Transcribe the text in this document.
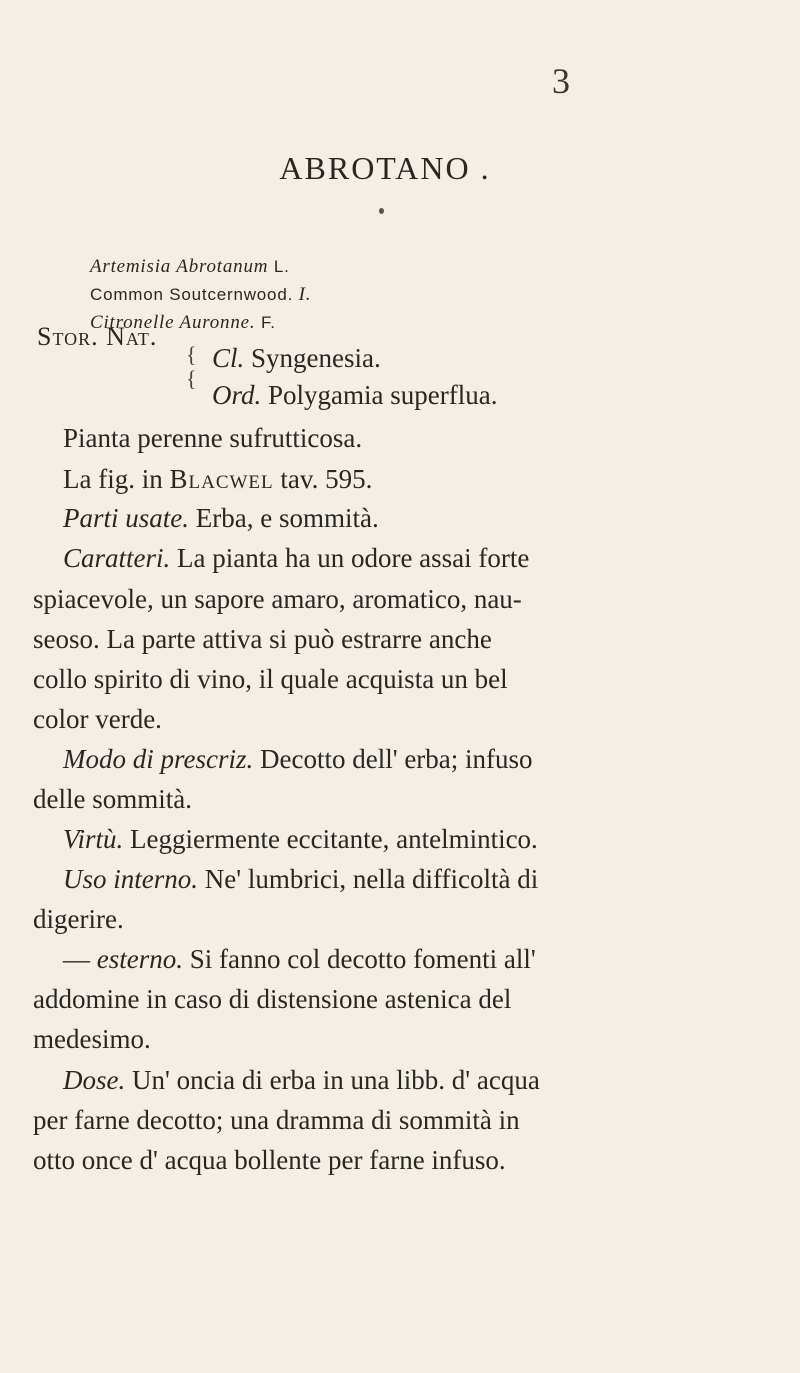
3
ABROTANO .
Artemisia Abrotanum L.
Common Soutcernwood. I.
Citronelle Auronne. F.
Stor. Nat.
{
{
Cl. Syngenesia.
Ord. Polygamia superflua.
Pianta perenne sufrutticosa.
La fig. in Blacwel tav. 595.
Parti usate. Erba, e sommità.
Caratteri. La pianta ha un odore assai forte
spiacevole, un sapore amaro, aromatico, nau-
seoso. La parte attiva si può estrarre anche
collo spirito di vino, il quale acquista un bel
color verde.
Modo di prescriz. Decotto dell' erba; infuso
delle sommità.
Virtù. Leggiermente eccitante, antelmintico.
Uso interno. Ne' lumbrici, nella difficoltà di
digerire.
— esterno. Si fanno col decotto fomenti all'
addomine in caso di distensione astenica del
medesimo.
Dose. Un' oncia di erba in una libb. d' acqua
per farne decotto; una dramma di sommità in
otto once d' acqua bollente per farne infuso.
